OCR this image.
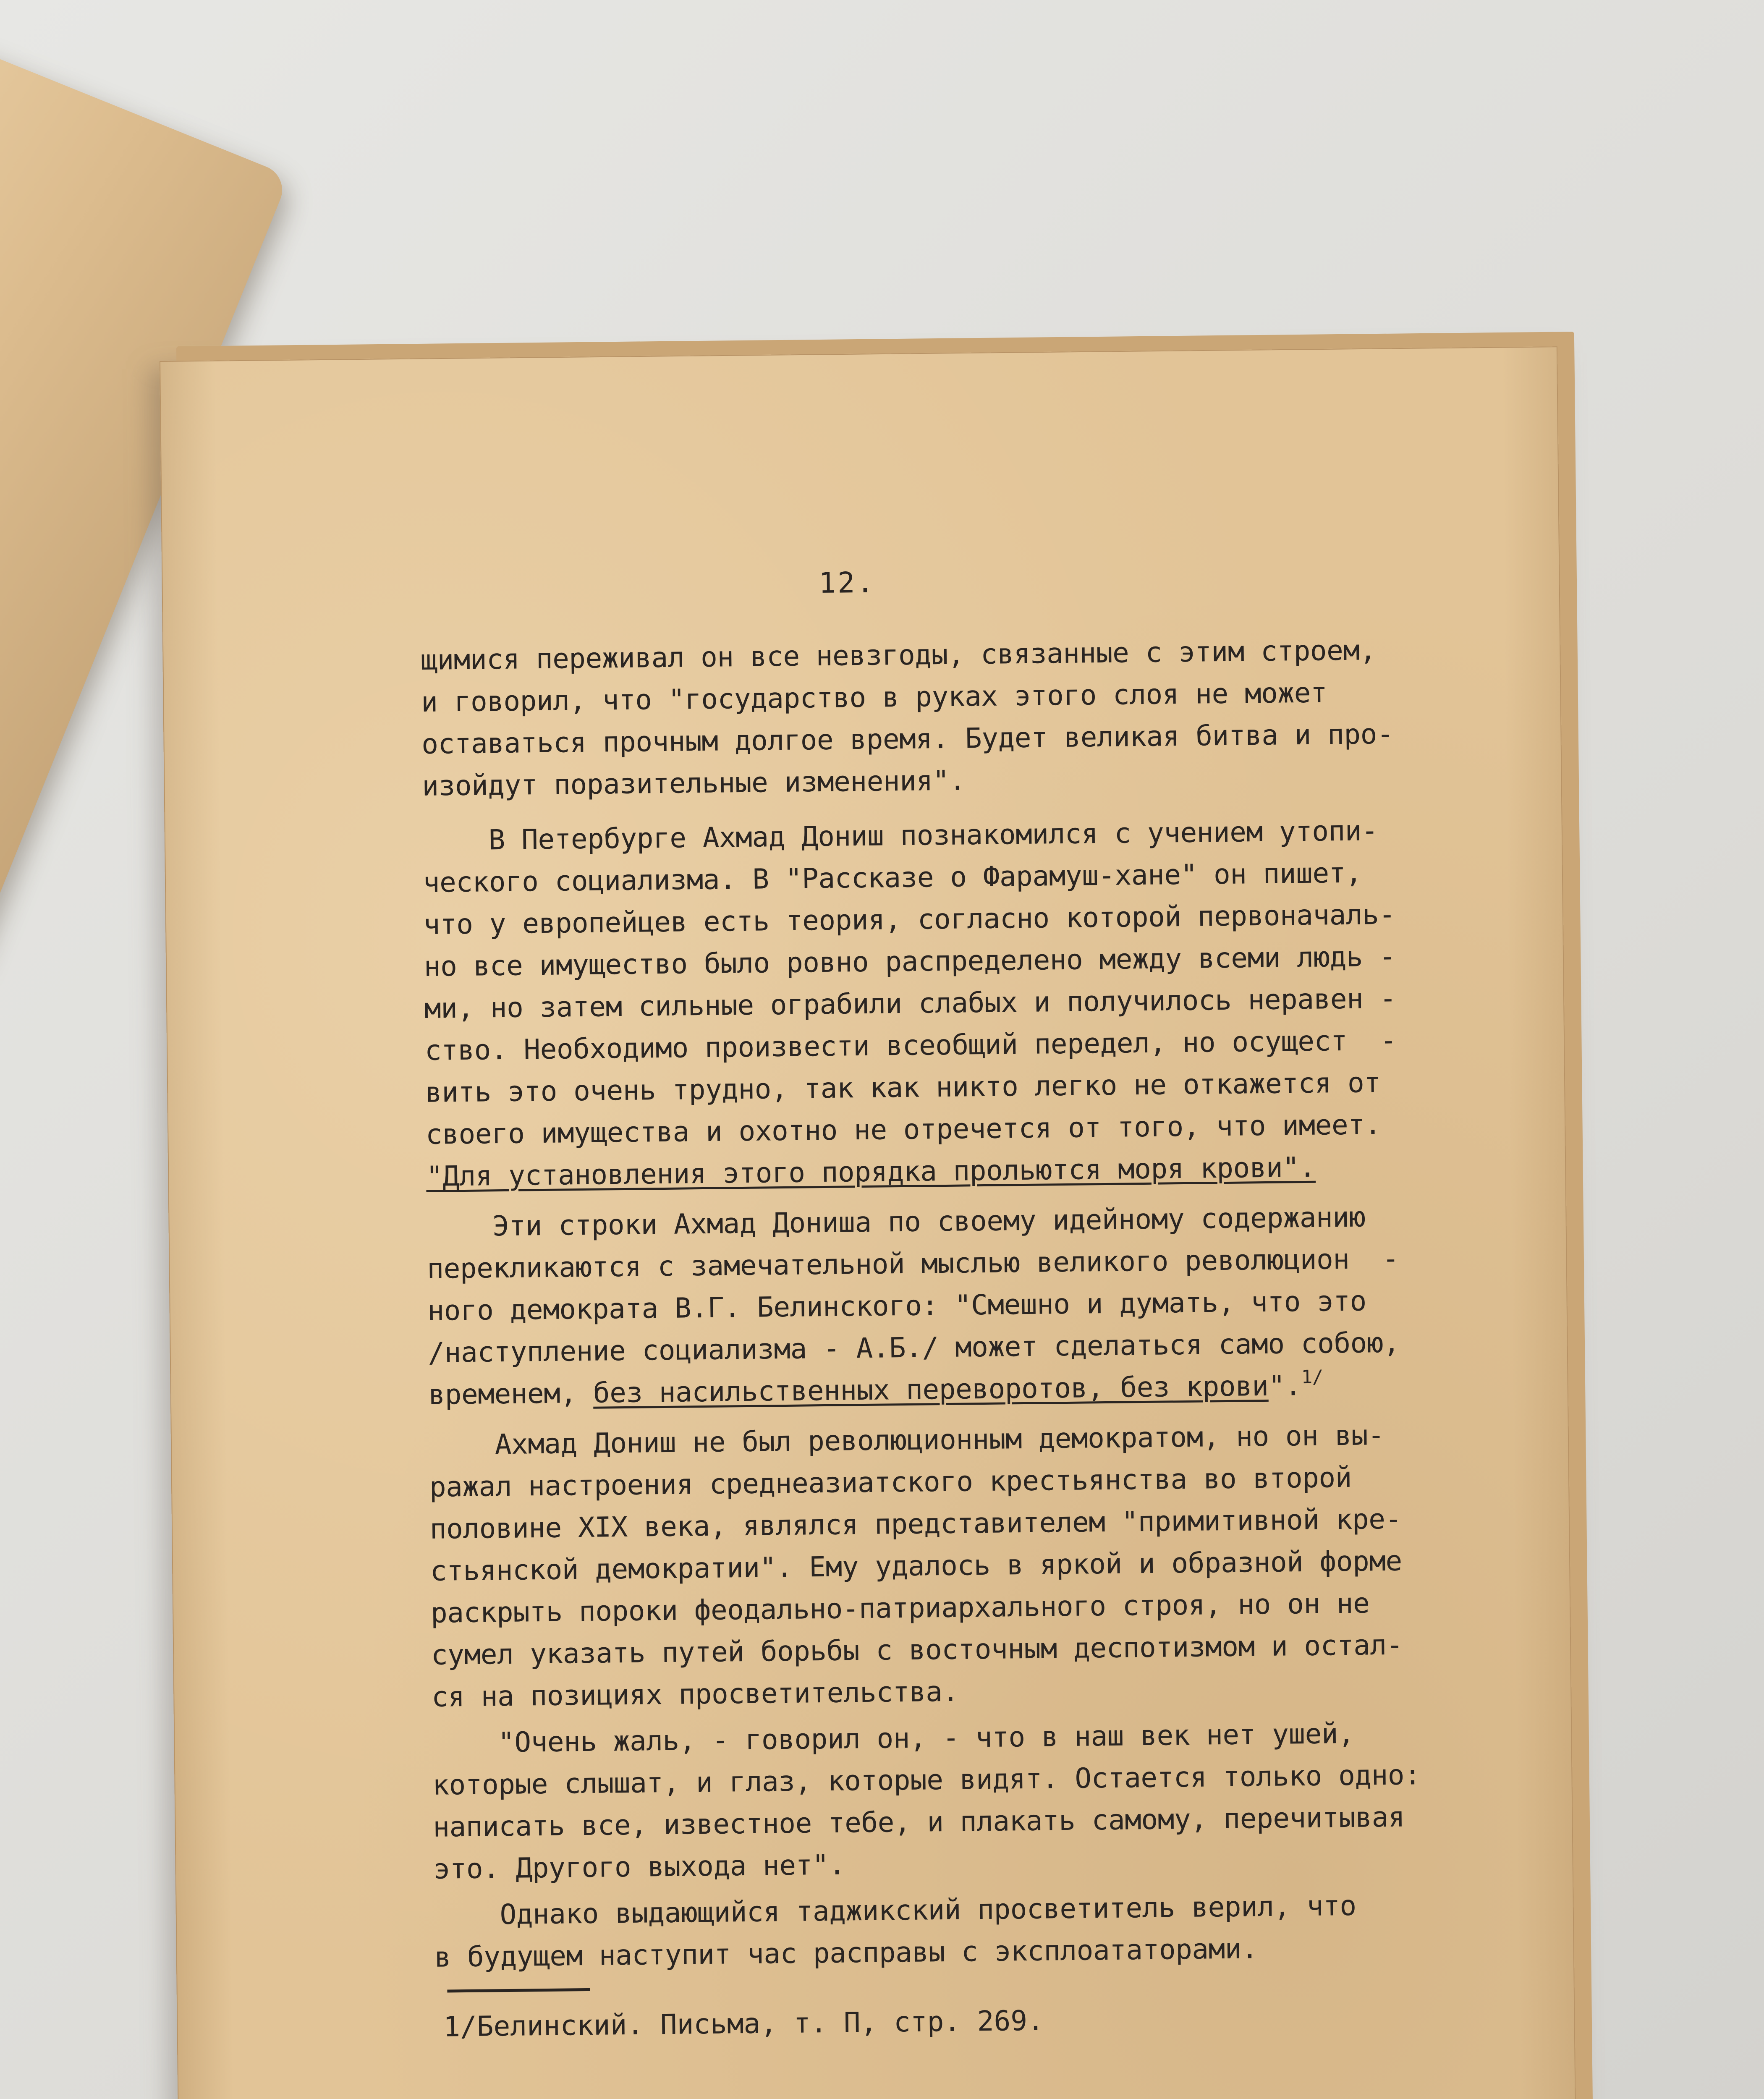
12.
щимися переживал он все невзгоды, связанные с этим строем,
и говорил, что "государство в руках этого слоя не может
оставаться прочным долгое время. Будет великая битва и про-
изойдут поразительные изменения".
В Петербурге Ахмад Дониш познакомился с учением утопи-
ческого социализма. В "Рассказе о Фарамуш-хане" он пишет,
что у европейцев есть теория, согласно которой первоначаль-
но все имущество было ровно распределено между всеми людь -
ми, но затем сильные ограбили слабых и получилось нерaвен -
ство. Необходимо произвести всеобщий передел, но осущест  -
вить это очень трудно, так как никто легко не откажется от
своего имущества и охотно не отречется от того, что имеет.
"Для установления этого порядка прольются моря крови".
Эти строки Ахмад Дониша по своему идейному содержанию
перекликаются с замечательной мыслью великого революцион  -
ного демократа В.Г. Белинского: "Смешно и думать, что это
/наступление социализма - А.Б./ может сделаться само собою,
временем, без насильственных переворотов, без крови".$^{1/}$
Ахмад Дониш не был революционным демократом, но он вы-
ражал настроения среднеазиатского крестьянства во второй
половине XIX века, являлся представителем "примитивной кре-
стьянской демократии". Ему удалось в яркой и образной форме
раскрыть пороки феодально-патриархального строя, но он не
сумел указать путей борьбы с восточным деспотизмом и остал-
ся на позициях просветительства.
"Очень жаль, - говорил он, - что в наш век нет ушей,
которые слышат, и глаз, которые видят. Остается только одно:
написать все, известное тебе, и плакать самому, перечитывая
это. Другого выхода нет".
Однако выдающийся таджикский просветитель верил, что
в будущем наступит час расправы с эксплоататорами.
1/Белинский. Письма, т. П, стр. 269.
